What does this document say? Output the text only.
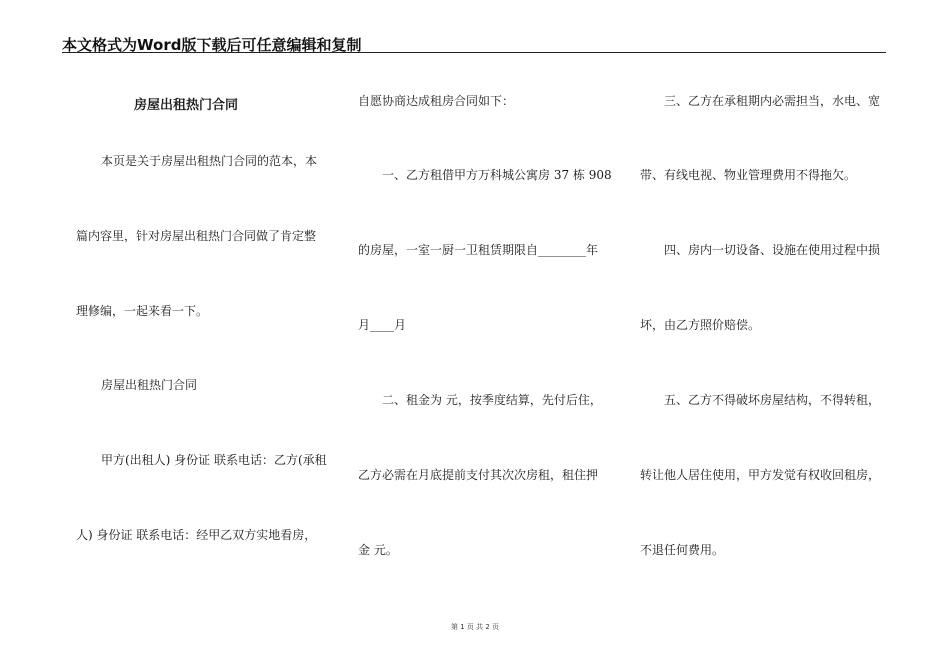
本文格式为Word版下载后可任意编辑和复制
房屋出租热门合同
本页是关于房屋出租热门合同的范本，本
篇内容里，针对房屋出租热门合同做了肯定整
理修编，一起来看一下。
房屋出租热门合同
甲方(出租人) 身份证 联系电话：乙方(承租
人) 身份证 联系电话：经甲乙双方实地看房，
自愿协商达成租房合同如下：
一、乙方租借甲方万科城公寓房 37 栋 908
的房屋，一室一厨一卫租赁期限自________年
月____月
二、租金为 元，按季度结算，先付后住，
乙方必需在月底提前支付其次次房租，租住押
金 元。
三、乙方在承租期内必需担当，水电、宽
带、有线电视、物业管理费用不得拖欠。
四、房内一切设备、设施在使用过程中损
坏，由乙方照价赔偿。
五、乙方不得破坏房屋结构，不得转租，
转让他人居住使用，甲方发觉有权收回租房，
不退任何费用。
第 1 页 共 2 页
